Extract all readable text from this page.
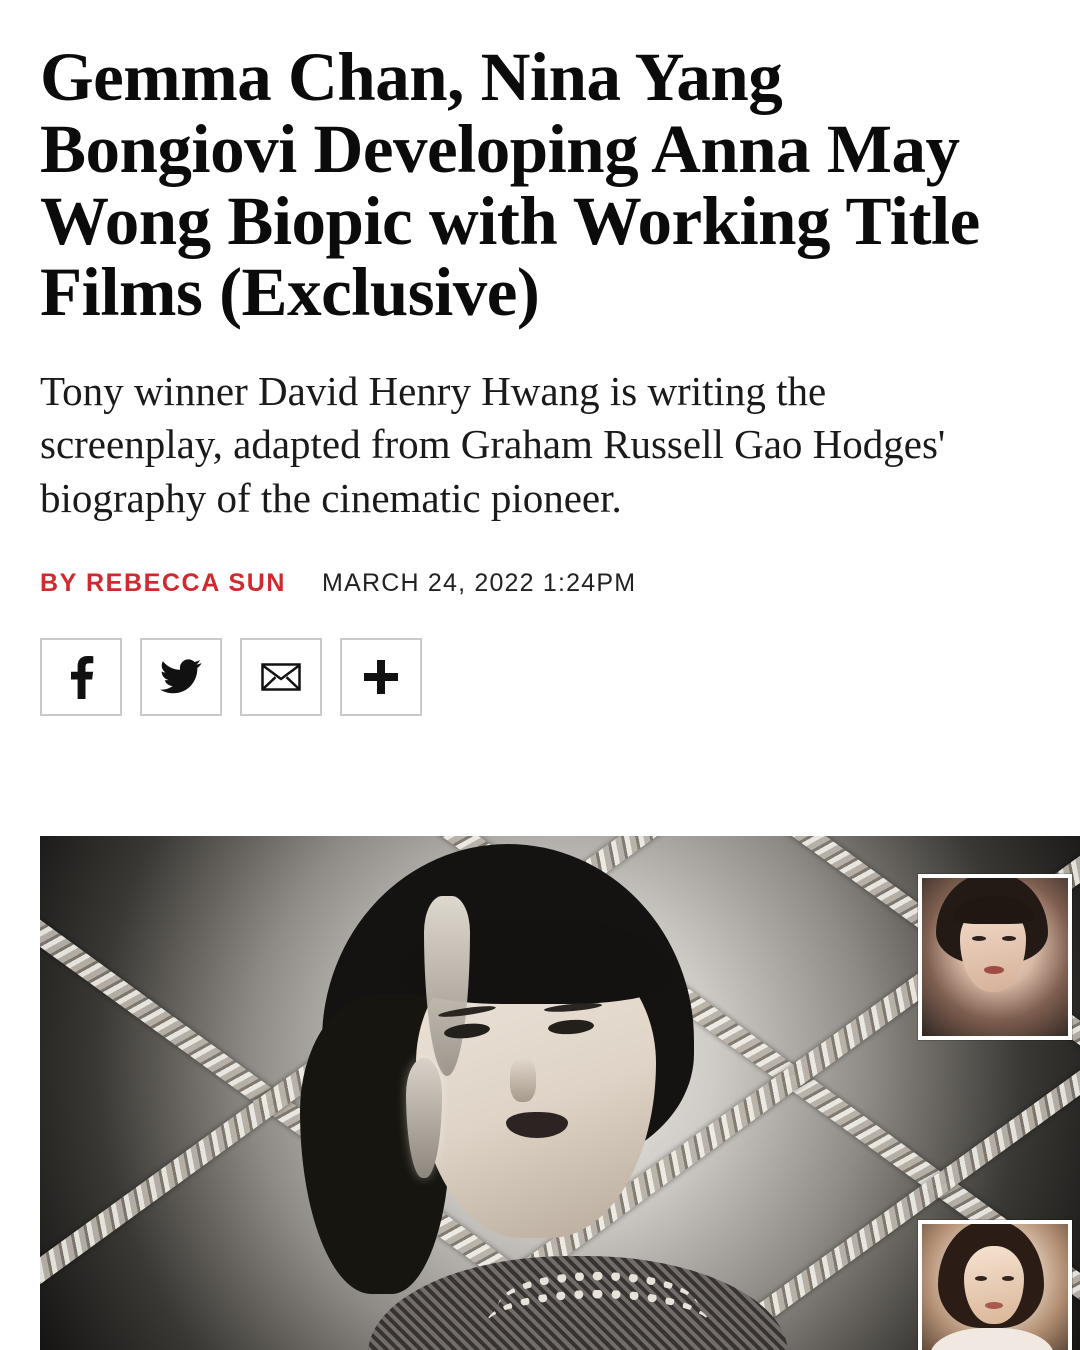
Gemma Chan, Nina Yang Bongiovi Developing Anna May Wong Biopic with Working Title Films (Exclusive)

Tony winner David Henry Hwang is writing the screenplay, adapted from Graham Russell Gao Hodges' biography of the cinematic pioneer.

BY REBECCA SUN MARCH 24, 2022 1:24PM
